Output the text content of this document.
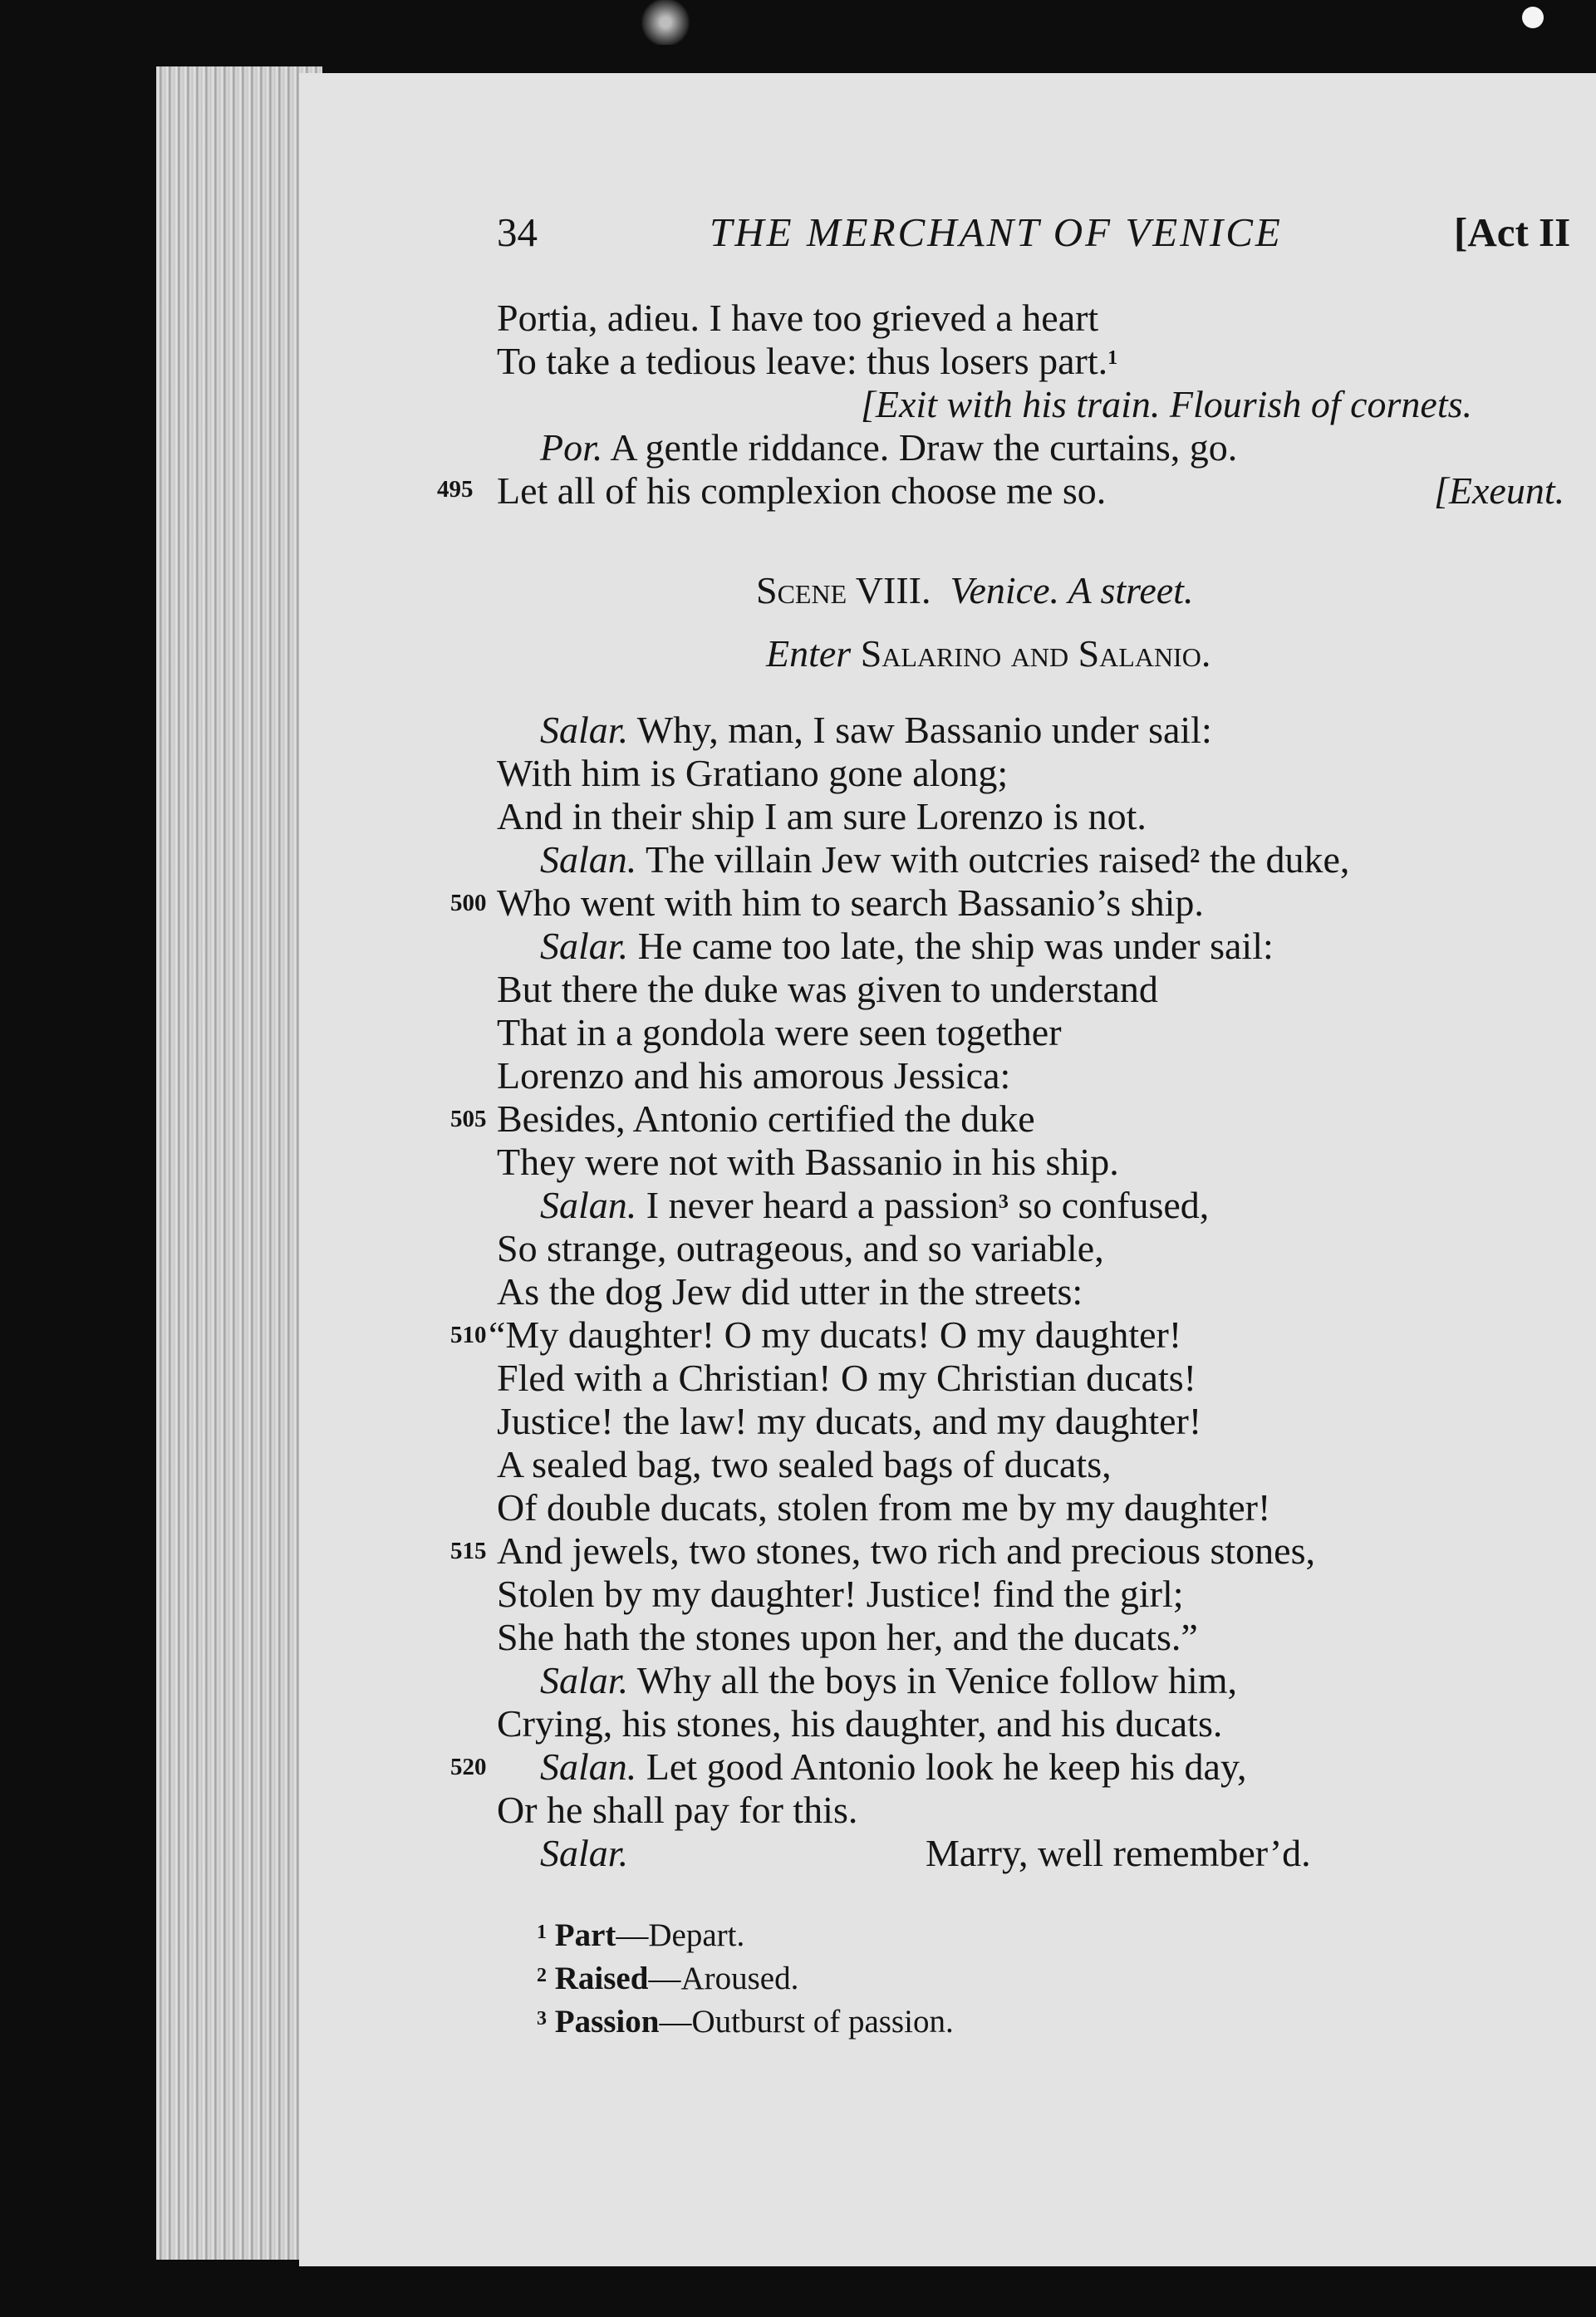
34	THE MERCHANT OF VENICE	[Act II
Portia, adieu. I have too grieved a heart
To take a tedious leave: thus losers part.$^1$
[Exit with his train. Flourish of cornets.
Por. A gentle riddance. Draw the curtains, go.
495 Let all of his complexion choose me so.	[Exeunt.
Scene VIII. Venice. A street.
Enter Salarino and Salanio.
Salar. Why, man, I saw Bassanio under sail:
With him is Gratiano gone along;
And in their ship I am sure Lorenzo is not.
Salan. The villain Jew with outcries raised$^2$ the duke,
500 Who went with him to search Bassanio’s ship.
Salar. He came too late, the ship was under sail:
But there the duke was given to understand
That in a gondola were seen together
Lorenzo and his amorous Jessica:
505 Besides, Antonio certified the duke
They were not with Bassanio in his ship.
Salan. I never heard a passion$^3$ so confused,
So strange, outrageous, and so variable,
As the dog Jew did utter in the streets:
510 “My daughter! O my ducats! O my daughter!
Fled with a Christian! O my Christian ducats!
Justice! the law! my ducats, and my daughter!
A sealed bag, two sealed bags of ducats,
Of double ducats, stolen from me by my daughter!
515 And jewels, two stones, two rich and precious stones,
Stolen by my daughter! Justice! find the girl;
She hath the stones upon her, and the ducats.”
Salar. Why all the boys in Venice follow him,
Crying, his stones, his daughter, and his ducats.
520 Salan. Let good Antonio look he keep his day,
Or he shall pay for this.
Salar.	Marry, well remember’d.
$^1$ Part—Depart.
$^2$ Raised—Aroused.
$^3$ Passion—Outburst of passion.
